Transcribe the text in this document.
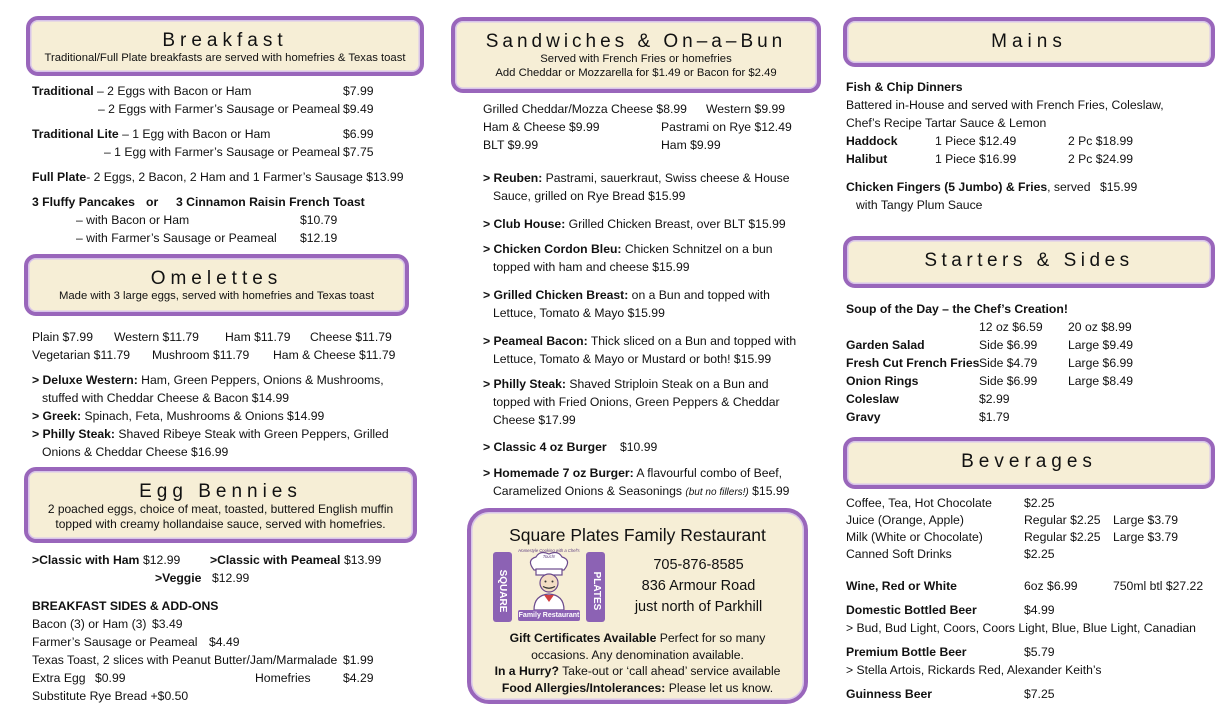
Breakfast
Traditional/Full Plate breakfasts are served with homefries & Texas toast
Traditional – 2 Eggs with Bacon or Ham	$7.99
– 2 Eggs with Farmer’s Sausage or Peameal $9.49
Traditional Lite – 1 Egg with Bacon or Ham	$6.99
– 1 Egg with Farmer’s Sausage or Peameal $7.75
Full Plate- 2 Eggs, 2 Bacon, 2 Ham and 1 Farmer’s Sausage $13.99
3 Fluffy Pancakes or 3 Cinnamon Raisin French Toast
– with Bacon or Ham	$10.79
– with Farmer’s Sausage or Peameal $12.19
Omelettes
Made with 3 large eggs, served with homefries and Texas toast
Plain $7.99 Western $11.79 Ham $11.79 Cheese $11.79
Vegetarian $11.79 Mushroom $11.79 Ham & Cheese $11.79
> Deluxe Western: Ham, Green Peppers, Onions & Mushrooms,
stuffed with Cheddar Cheese & Bacon $14.99
> Greek: Spinach, Feta, Mushrooms & Onions $14.99
> Philly Steak: Shaved Ribeye Steak with Green Peppers, Grilled
Onions & Cheddar Cheese $16.99
Egg Bennies
2 poached eggs, choice of meat, toasted, buttered English muffin
topped with creamy hollandaise sauce, served with homefries.
>Classic with Ham $12.99 >Classic with Peameal $13.99
>Veggie $12.99
BREAKFAST SIDES & ADD-ONS
Bacon (3) or Ham (3) $3.49
Farmer’s Sausage or Peameal $4.49
Texas Toast, 2 slices with Peanut Butter/Jam/Marmalade $1.99
Extra Egg $0.99	Homefries	$4.29
Substitute Rye Bread +$0.50
Sandwiches & On–a–Bun
Served with French Fries or homefries
Add Cheddar or Mozzarella for $1.49 or Bacon for $2.49
Grilled Cheddar/Mozza Cheese $8.99 Western $9.99
Ham & Cheese $9.99	Pastrami on Rye $12.49
BLT $9.99	Ham $9.99
> Reuben: Pastrami, sauerkraut, Swiss cheese & House
Sauce, grilled on Rye Bread $15.99
> Club House: Grilled Chicken Breast, over BLT $15.99
> Chicken Cordon Bleu: Chicken Schnitzel on a bun
topped with ham and cheese $15.99
> Grilled Chicken Breast: on a Bun and topped with
Lettuce, Tomato & Mayo $15.99
> Peameal Bacon: Thick sliced on a Bun and topped with
Lettuce, Tomato & Mayo or Mustard or both! $15.99
> Philly Steak: Shaved Striploin Steak on a Bun and
topped with Fried Onions, Green Peppers & Cheddar
Cheese $17.99
> Classic 4 oz Burger $10.99
> Homemade 7 oz Burger: A flavourful combo of Beef,
Caramelized Onions & Seasonings (but no fillers!) $15.99
Square Plates Family Restaurant
SQUARE	PLATES
Family Restaurant
Homestyle Cooking with a Chef's Touch!
705-876-8585
836 Armour Road
just north of Parkhill
Gift Certificates Available Perfect for so many
occasions. Any denomination available.
In a Hurry? Take-out or ‘call ahead’ service available
Food Allergies/Intolerances: Please let us know.
Mains
Fish & Chip Dinners
Battered in-House and served with French Fries, Coleslaw,
Chef’s Recipe Tartar Sauce & Lemon
Haddock	1 Piece $12.49	2 Pc $18.99
Halibut	1 Piece $16.99	2 Pc $24.99
Chicken Fingers (5 Jumbo) & Fries, served $15.99
with Tangy Plum Sauce
Starters & Sides
Soup of the Day – the Chef’s Creation!
12 oz $6.59 20 oz $8.99
Garden Salad	Side $6.99	Large $9.49
Fresh Cut French Fries Side $4.79	Large $6.99
Onion Rings	Side $6.99	Large $8.49
Coleslaw	$2.99
Gravy	$1.79
Beverages
Coffee, Tea, Hot Chocolate	$2.25
Juice (Orange, Apple)	Regular $2.25 Large $3.79
Milk (White or Chocolate)	Regular $2.25 Large $3.79
Canned Soft Drinks	$2.25
Wine, Red or White	6oz $6.99	750ml btl $27.22
Domestic Bottled Beer	$4.99
> Bud, Bud Light, Coors, Coors Light, Blue, Blue Light, Canadian
Premium Bottle Beer	$5.79
> Stella Artois, Rickards Red, Alexander Keith’s
Guinness Beer	$7.25
